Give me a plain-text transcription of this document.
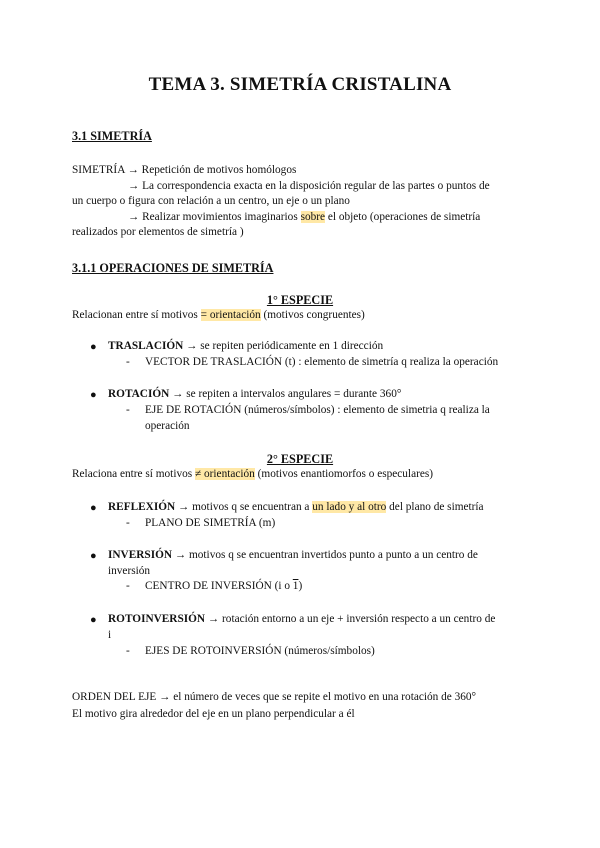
TEMA 3. SIMETRÍA CRISTALINA
3.1 SIMETRÍA
SIMETRÍA → Repetición de motivos homólogos
→ La correspondencia exacta en la disposición regular de las partes o puntos de
un cuerpo o figura con relación a un centro, un eje o un plano
→ Realizar movimientos imaginarios sobre el objeto (operaciones de simetría
realizados por elementos de simetría )
3.1.1 OPERACIONES DE SIMETRÍA
1° ESPECIE
Relacionan entre sí motivos = orientación (motivos congruentes)
● TRASLACIÓN → se repiten periódicamente en 1 dirección
- VECTOR DE TRASLACIÓN (t) : elemento de simetría q realiza la operación
● ROTACIÓN → se repiten a intervalos angulares = durante 360°
- EJE DE ROTACIÓN (números/símbolos) : elemento de simetria q realiza la
operación
2° ESPECIE
Relaciona entre sí motivos ≠ orientación (motivos enantiomorfos o especulares)
● REFLEXIÓN → motivos q se encuentran a un lado y al otro del plano de simetría
- PLANO DE SIMETRÍA (m)
● INVERSIÓN → motivos q se encuentran invertidos punto a punto a un centro de
inversión
- CENTRO DE INVERSIÓN (i o 1)
● ROTOINVERSIÓN → rotación entorno a un eje + inversión respecto a un centro de
i
- EJES DE ROTOINVERSIÓN (números/símbolos)
ORDEN DEL EJE → el número de veces que se repite el motivo en una rotación de 360°
El motivo gira alrededor del eje en un plano perpendicular a él
